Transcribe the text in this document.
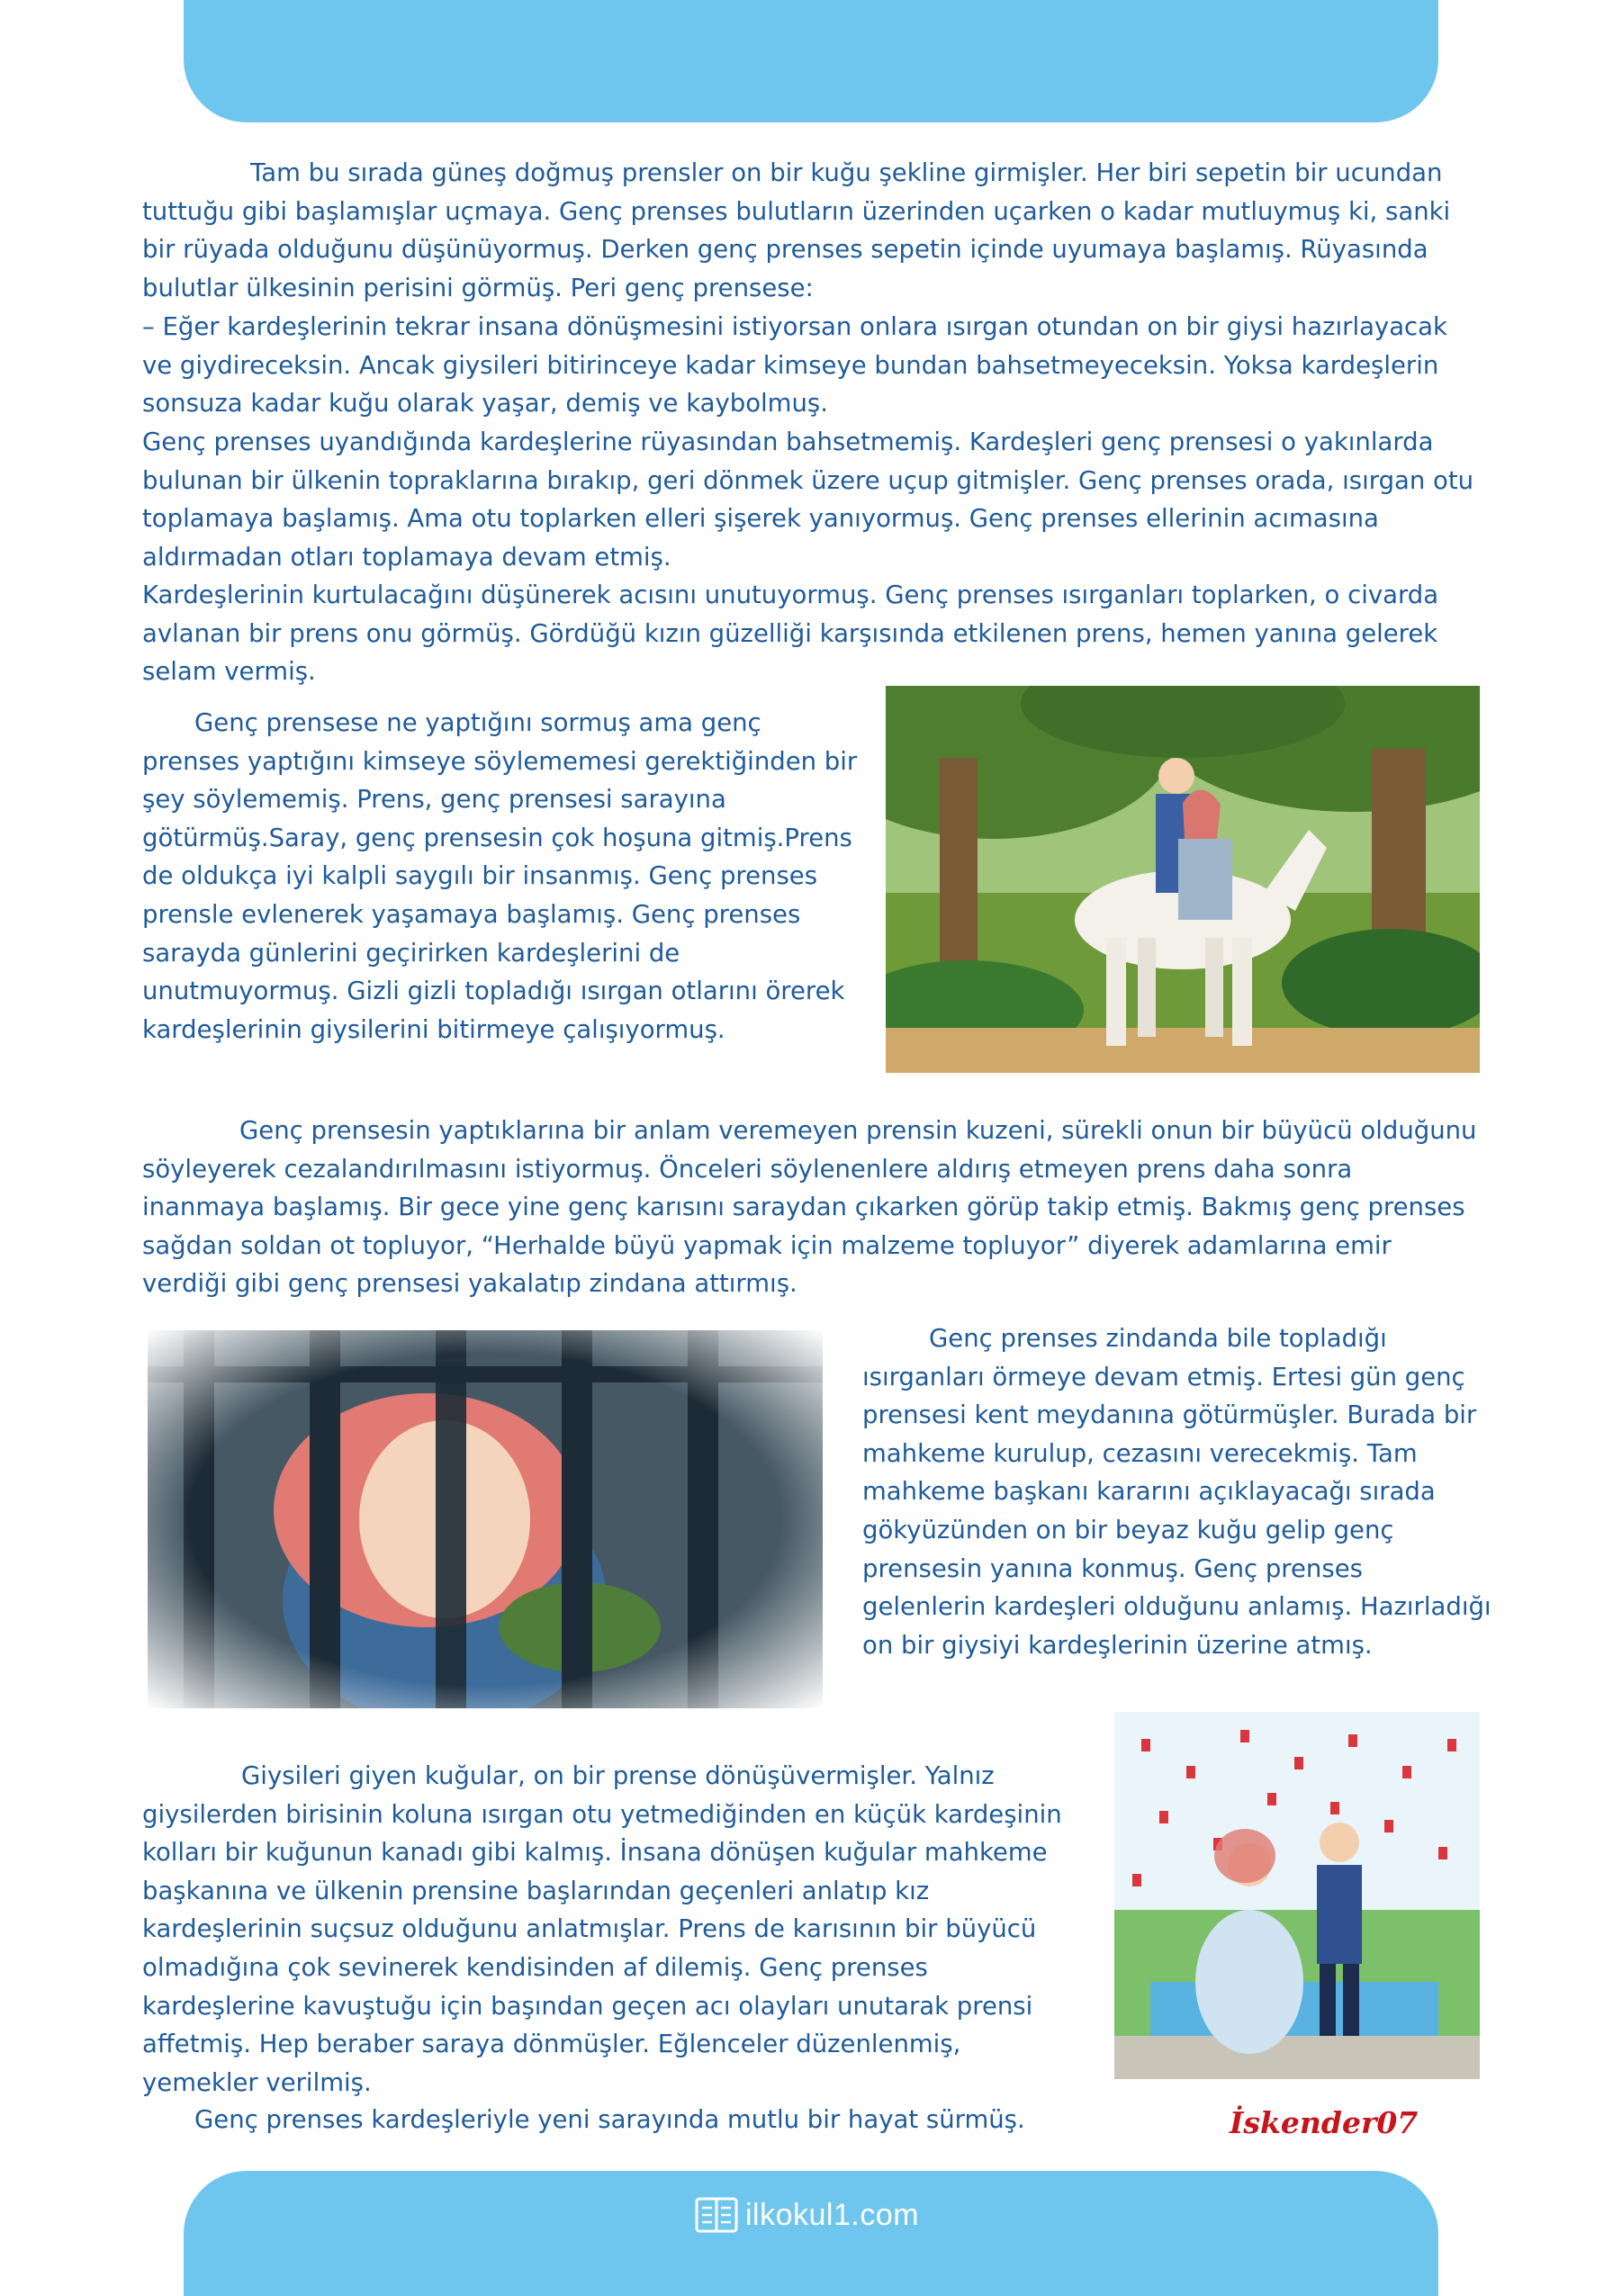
Tam bu sırada güneş doğmuş prensler on bir kuğu şekline girmişler. Her biri sepetin bir ucundan tuttuğu gibi başlamışlar uçmaya. Genç prenses bulutların üzerinden uçarken o kadar mutluymuş ki, sanki bir rüyada olduğunu düşünüyormuş. Derken genç prenses sepetin içinde uyumaya başlamış. Rüyasında bulutlar ülkesinin perisini görmüş. Peri genç prensese:

– Eğer kardeşlerinin tekrar insana dönüşmesini istiyorsan onlara ısırgan otundan on bir giysi hazırlayacak ve giydireceksin. Ancak giysileri bitirinceye kadar kimseye bundan bahsetmeyeceksin. Yoksa kardeşlerin sonsuza kadar kuğu olarak yaşar, demiş ve kaybolmuş.

Genç prenses uyandığında kardeşlerine rüyasından bahsetmemiş. Kardeşleri genç prensesi o yakınlarda bulunan bir ülkenin topraklarına bırakıp, geri dönmek üzere uçup gitmişler. Genç prenses orada, ısırgan otu toplamaya başlamış. Ama otu toplarken elleri şişerek yanıyormuş. Genç prenses ellerinin acımasına aldırmadan otları toplamaya devam etmiş.

Kardeşlerinin kurtulacağını düşünerek acısını unutuyormuş. Genç prenses ısırganları toplarken, o civarda avlanan bir prens onu görmüş. Gördüğü kızın güzelliği karşısında etkilenen prens, hemen yanına gelerek selam vermiş.

Genç prensese ne yaptığını sormuş ama genç prenses yaptığını kimseye söylememesi gerektiğinden bir şey söylememiş. Prens, genç prensesi sarayına götürmüş.Saray, genç prensesin çok hoşuna gitmiş.Prens de oldukça iyi kalpli saygılı bir insanmış. Genç prenses prensle evlenerek yaşamaya başlamış. Genç prenses sarayda günlerini geçirirken kardeşlerini de unutmuyormuş. Gizli gizli topladığı ısırgan otlarını örerek kardeşlerinin giysilerini bitirmeye çalışıyormuş.

Genç prensesin yaptıklarına bir anlam veremeyen prensin kuzeni, sürekli onun bir büyücü olduğunu söyleyerek cezalandırılmasını istiyormuş. Önceleri söylenenlere aldırış etmeyen prens daha sonra inanmaya başlamış. Bir gece yine genç karısını saraydan çıkarken görüp takip etmiş. Bakmış genç prenses sağdan soldan ot topluyor, “Herhalde büyü yapmak için malzeme topluyor” diyerek adamlarına emir verdiği gibi genç prensesi yakalatıp zindana attırmış.

Genç prenses zindanda bile topladığı ısırganları örmeye devam etmiş. Ertesi gün genç prensesi kent meydanına götürmüşler. Burada bir mahkeme kurulup, cezasını verecekmiş. Tam mahkeme başkanı kararını açıklayacağı sırada gökyüzünden on bir beyaz kuğu gelip genç prensesin yanına konmuş. Genç prenses gelenlerin kardeşleri olduğunu anlamış. Hazırladığı on bir giysiyi kardeşlerinin üzerine atmış.

Giysileri giyen kuğular, on bir prense dönüşüvermişler. Yalnız giysilerden birisinin koluna ısırgan otu yetmediğinden en küçük kardeşinin kolları bir kuğunun kanadı gibi kalmış. İnsana dönüşen kuğular mahkeme başkanına ve ülkenin prensine başlarından geçenleri anlatıp kız kardeşlerinin suçsuz olduğunu anlatmışlar. Prens de karısının bir büyücü olmadığına çok sevinerek kendisinden af dilemiş. Genç prenses kardeşlerine kavuştuğu için başından geçen acı olayları unutarak prensi affetmiş. Hep beraber saraya dönmüşler. Eğlenceler düzenlenmiş, yemekler verilmiş.

Genç prenses kardeşleriyle yeni sarayında mutlu bir hayat sürmüş.	İskender07
ilkokul1.com
